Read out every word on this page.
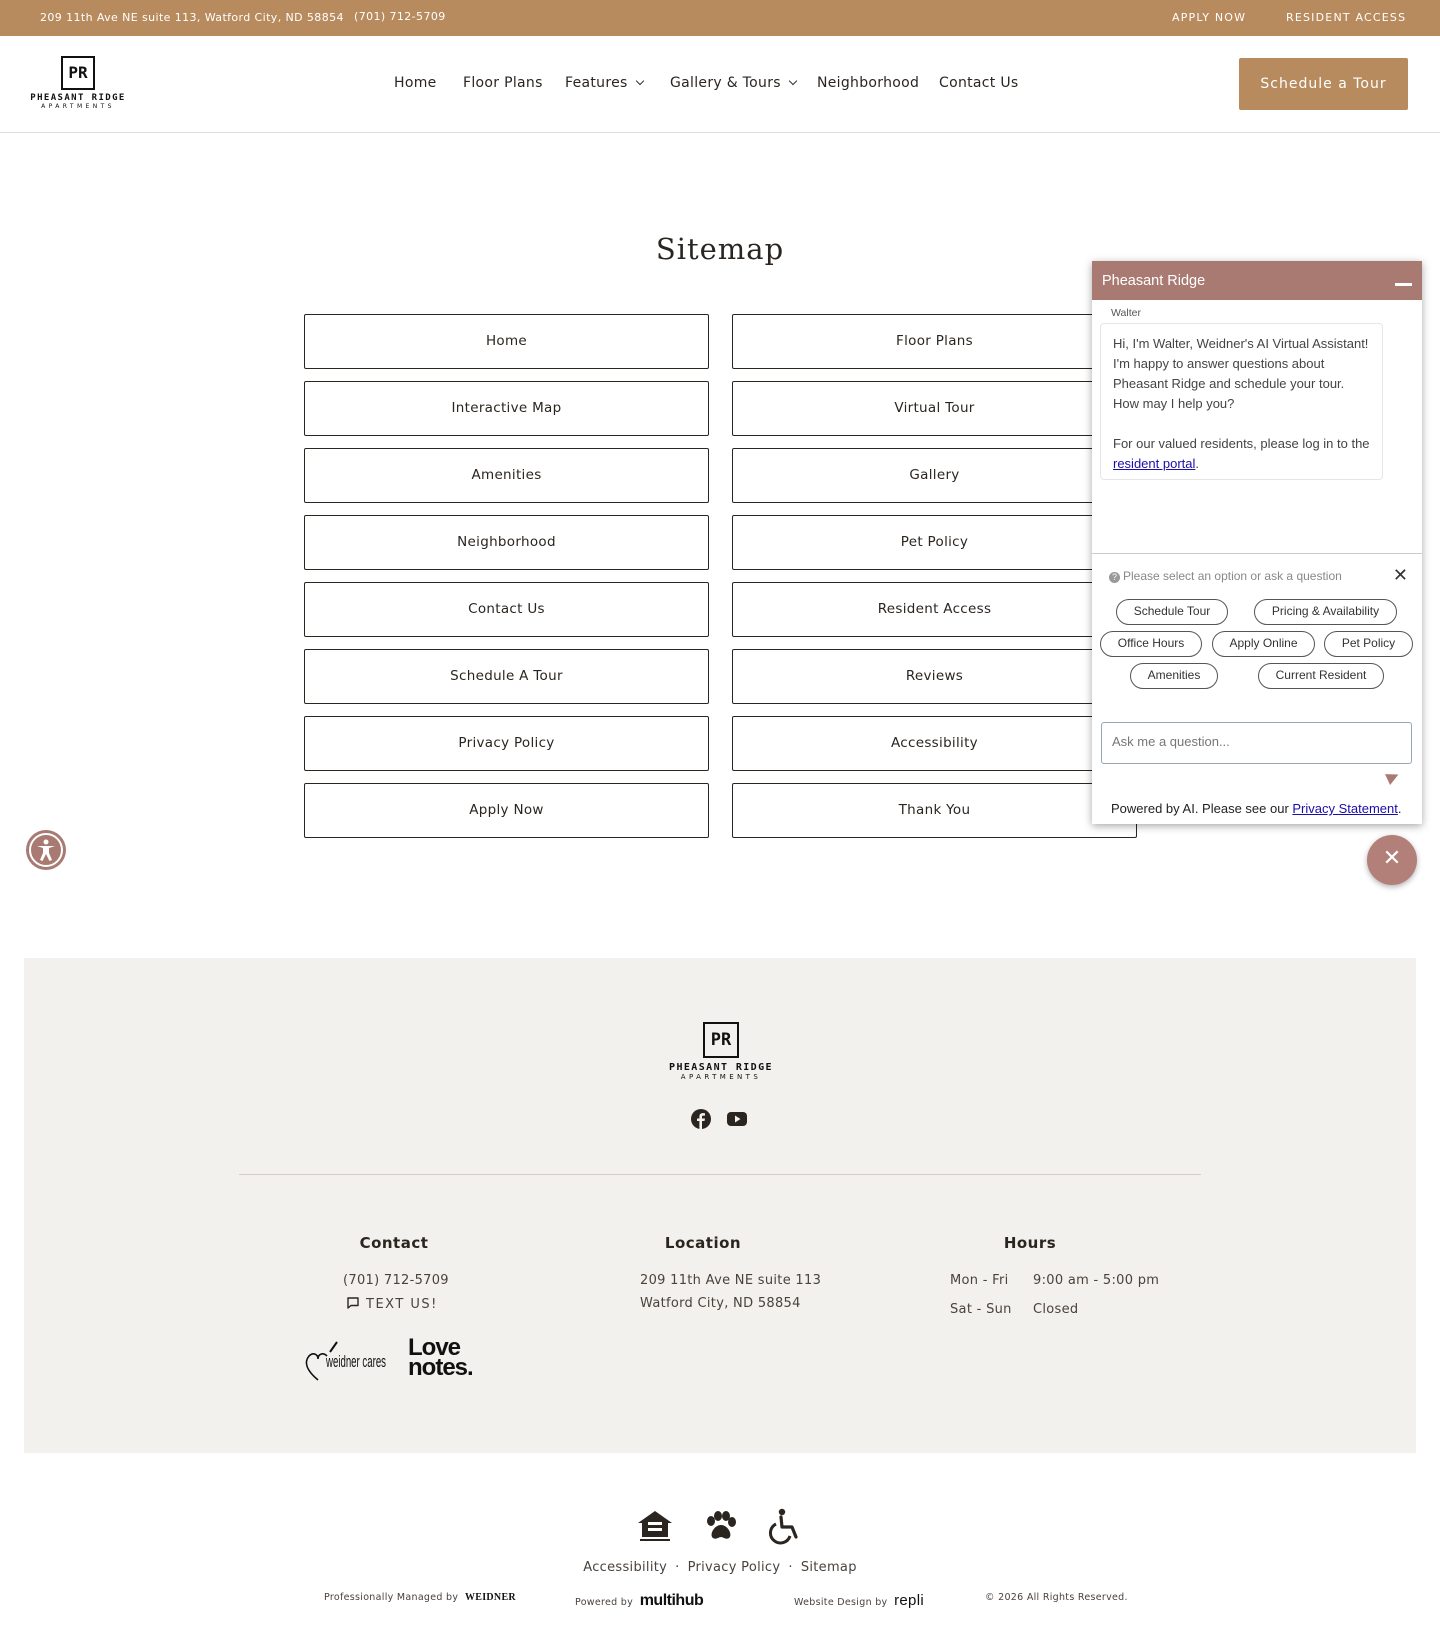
209 11th Ave NE suite 113, Watford City, ND 58854 (701) 712-5709	APPLY NOW	RESIDENT ACCESS
PR
PHEASANT RIDGE
APARTMENTS
Home Floor Plans Features	Gallery & Tours	Neighborhood Contact Us	Schedule a Tour
Sitemap
Home
Interactive Map
Amenities
Neighborhood
Contact Us
Schedule A Tour
Privacy Policy
Apply Now
Floor Plans
Virtual Tour
Gallery
Pet Policy
Resident Access
Reviews
Accessibility
Thank You
Pheasant Ridge
Walter
Hi, I'm Walter, Weidner's AI Virtual Assistant! I'm happy to answer questions about Pheasant Ridge and schedule your tour. How may I help you?

For our valued residents, please log in to the resident portal.
? Please select an option or ask a question	✕
Schedule Tour	Pricing & Availability
Office Hours	Apply Online	Pet Policy
Amenities	Current Resident
Ask me a question...
Powered by AI. Please see our Privacy Statement.
✕
PR
PHEASANT RIDGE
APARTMENTS
Contact
(701) 712-5709
TEXT US!
Location
209 11th Ave NE suite 113
Watford City, ND 58854
Hours
Mon - Fri 9:00 am - 5:00 pm
Sat - Sun Closed
weidner cares
Love
notes.
Accessibility · Privacy Policy · Sitemap
Professionally Managed by WEIDNER	Powered by multihub	Website Design by repli	© 2026 All Rights Reserved.
